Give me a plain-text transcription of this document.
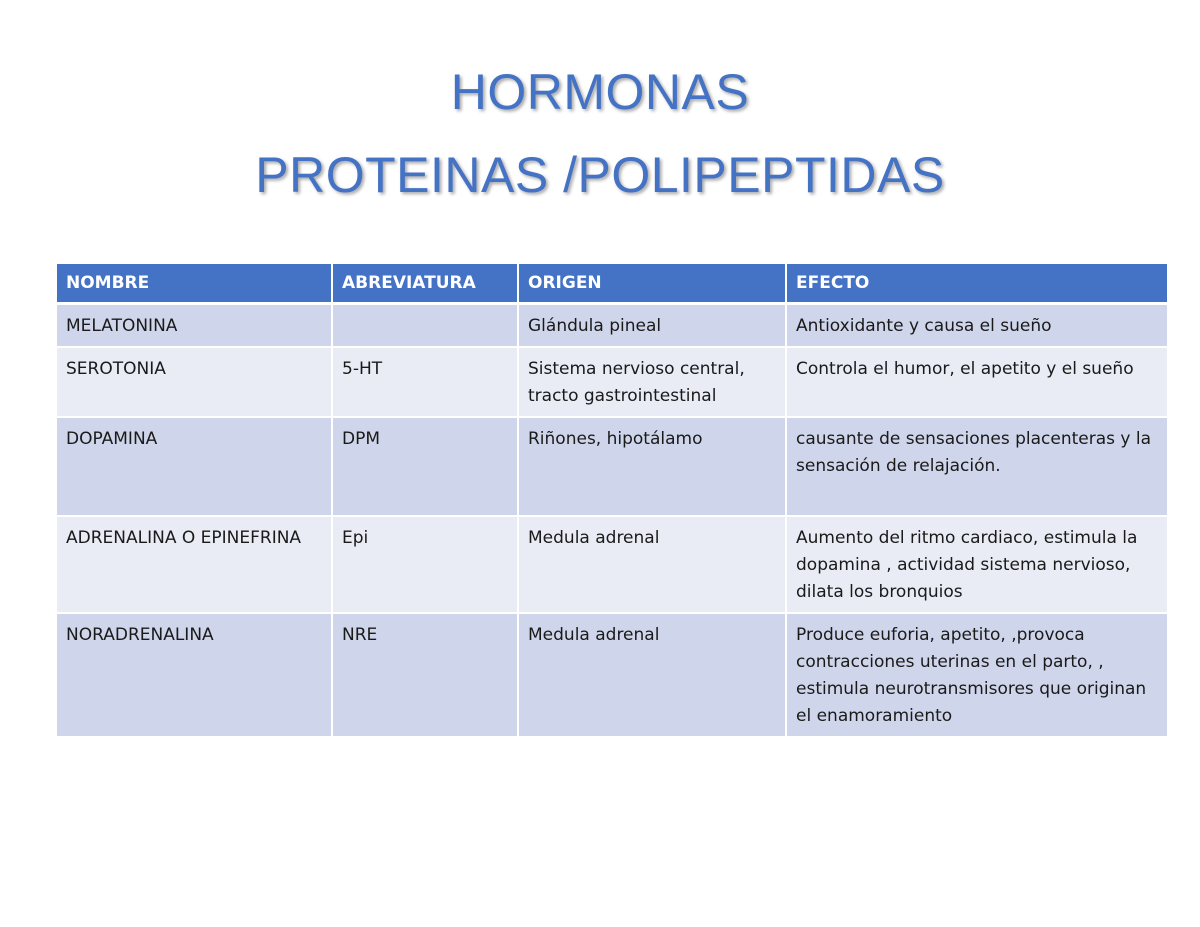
HORMONAS
PROTEINAS /POLIPEPTIDAS
NOMBRE	ABREVIATURA	ORIGEN	EFECTO
MELATONINA		Glándula pineal	Antioxidante y causa el sueño
SEROTONIA	5-HT	Sistema nervioso central, tracto gastrointestinal	Controla el humor, el apetito y el sueño
DOPAMINA	DPM	Riñones, hipotálamo	causante de sensaciones placenteras y la sensación de relajación.
ADRENALINA O EPINEFRINA	Epi	Medula adrenal	Aumento del ritmo cardiaco, estimula la dopamina , actividad sistema nervioso, dilata los bronquios
NORADRENALINA	NRE	Medula adrenal	Produce euforia, apetito, ,provoca contracciones uterinas en el parto, , estimula neurotransmisores que originan el enamoramiento
